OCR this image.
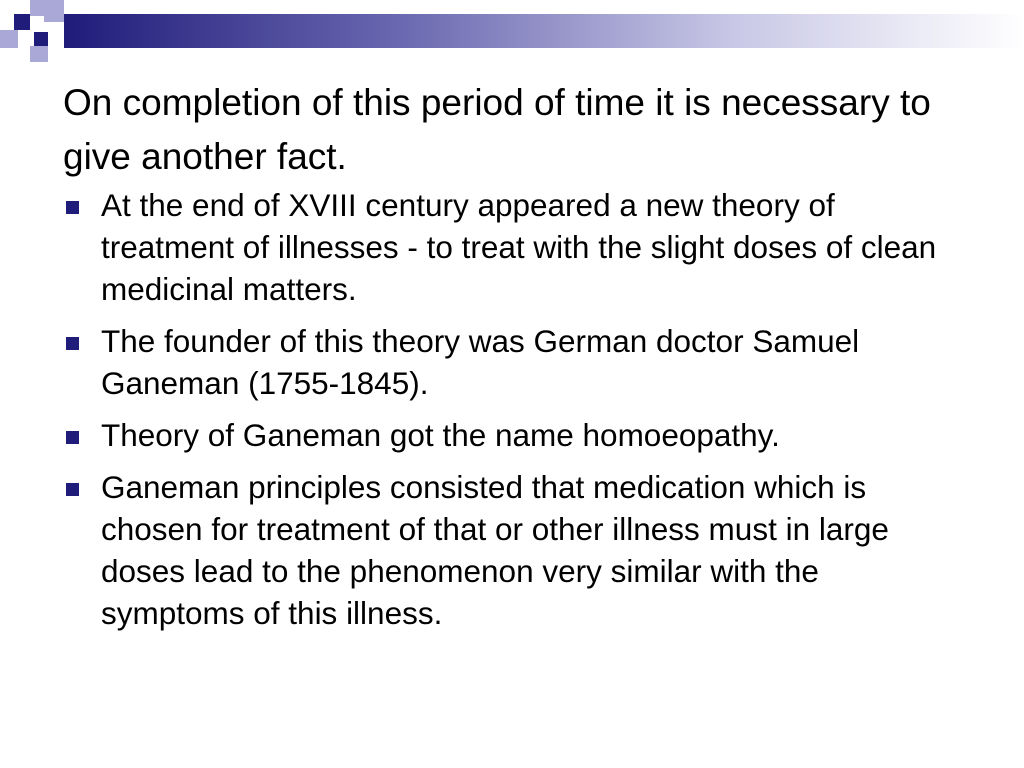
On completion of this period of time it is necessary to give another fact.
At the end of XVIII century appeared a new theory of treatment of illnesses - to treat with the slight doses of clean medicinal matters.
The founder of this theory was German doctor Samuel Ganeman (1755-1845).
Theory of Ganeman got the name homoeopathy.
Ganeman principles consisted that medication which is chosen for treatment of that or other illness must in large doses lead to the phenomenon very similar with the symptoms of this illness.
